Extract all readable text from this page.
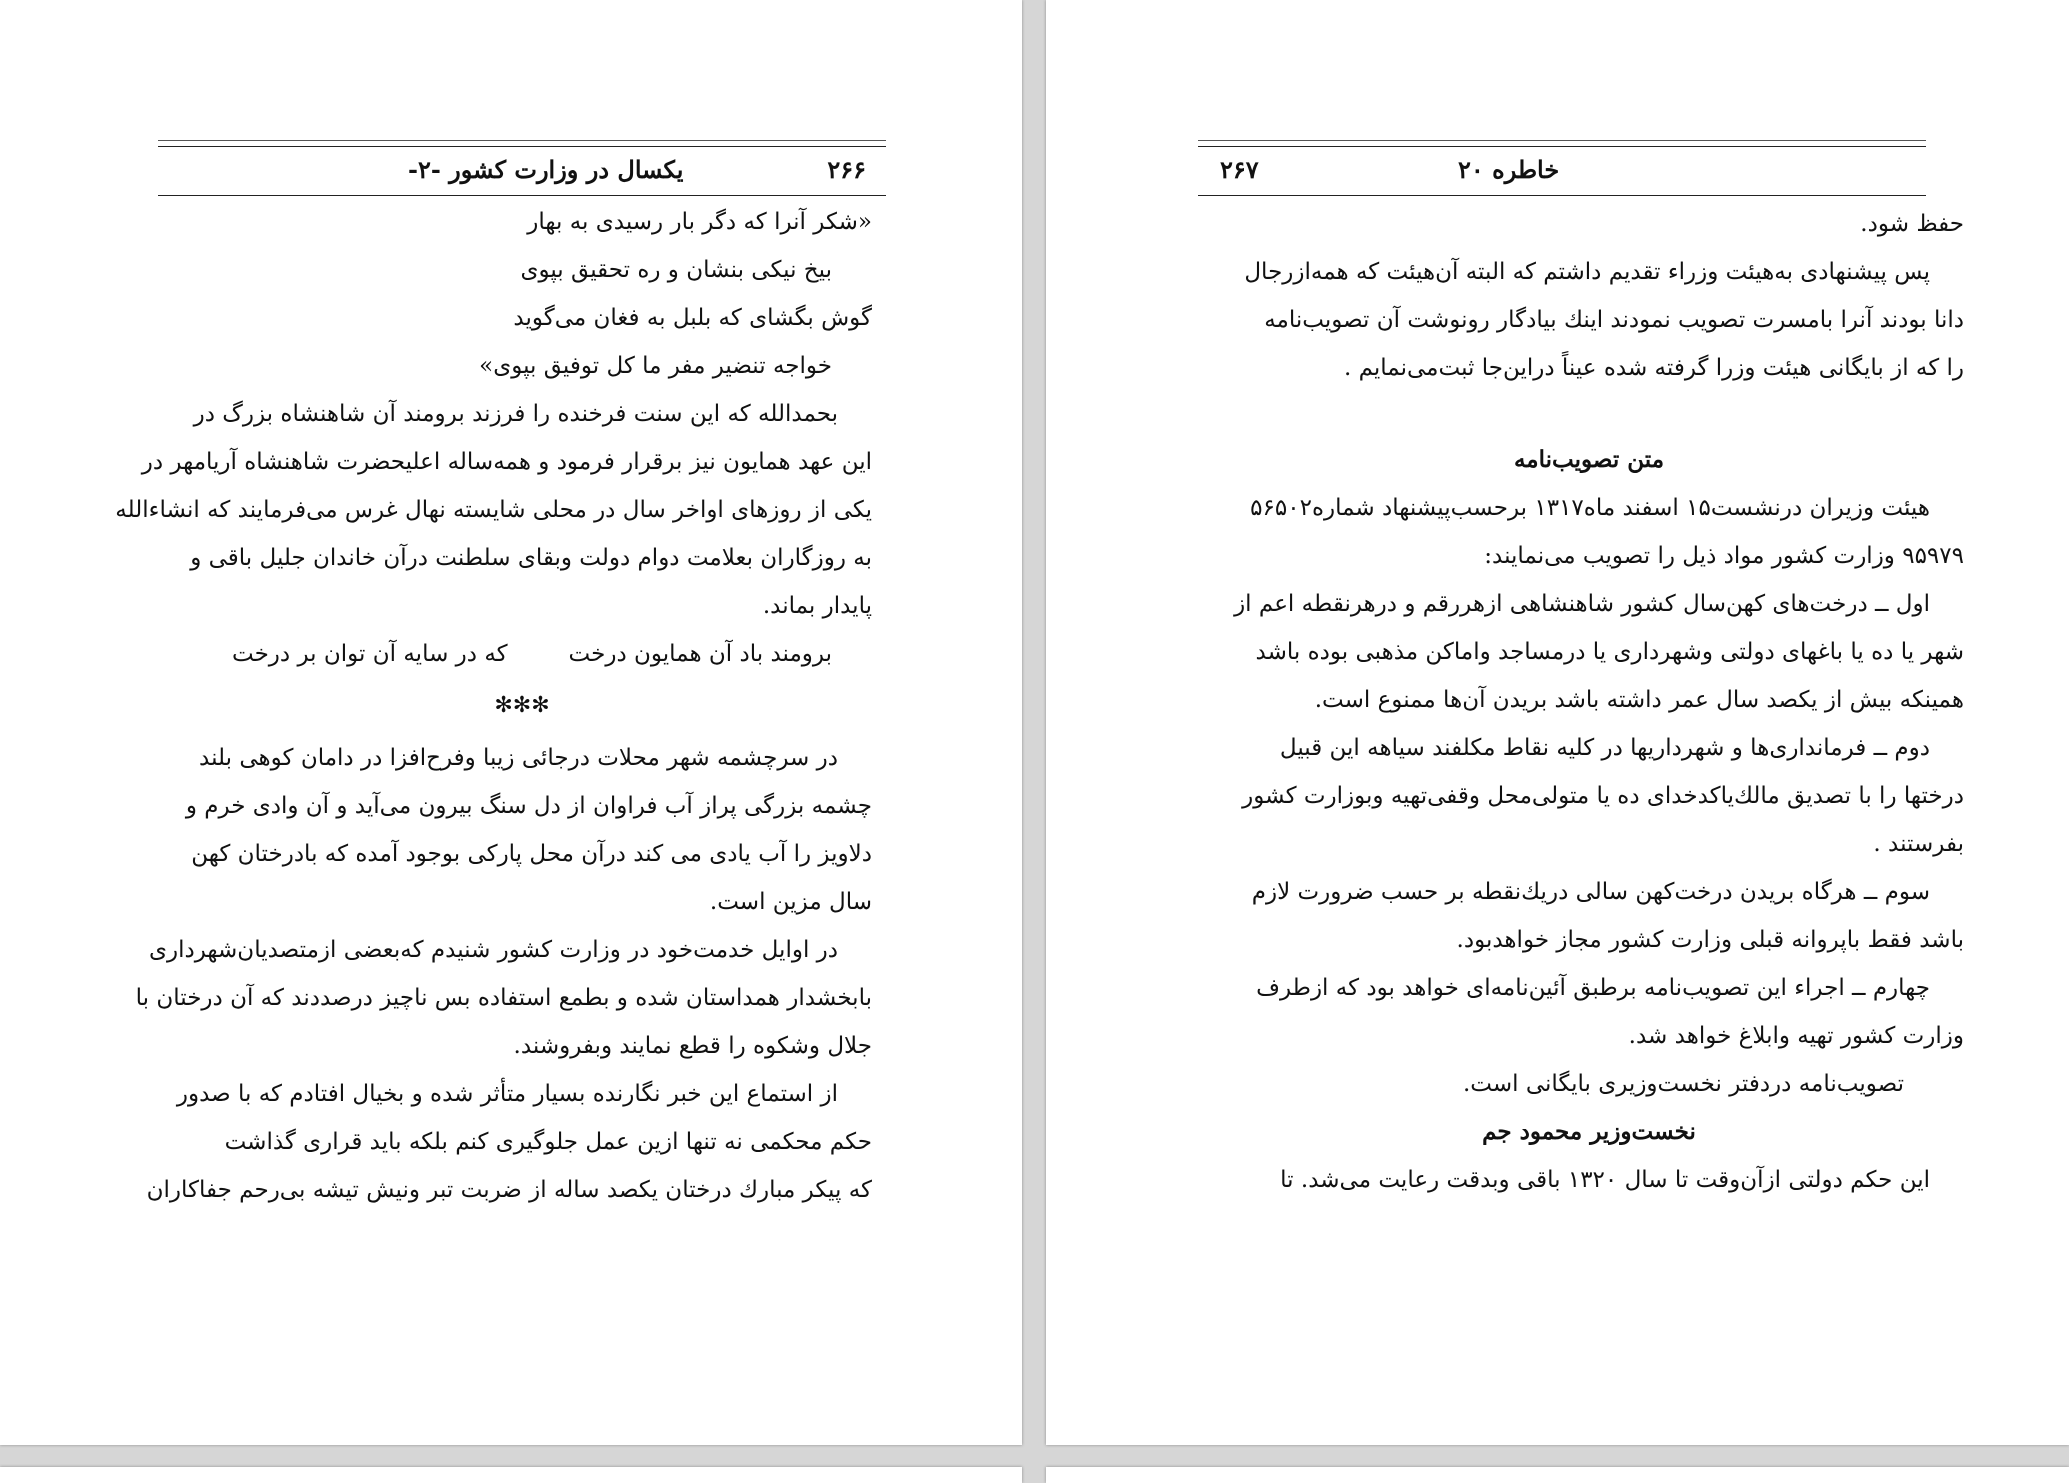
۲۶۶
یکسال در وزارت کشور -۲-
«شکر آنرا که دگر بار رسیدی به بهار
بیخ نیکی بنشان و ره تحقیق بپوی
گوش بگشای که بلبل به فغان می‌گوید
خواجه تنضیر مفر ما کل توفیق بپوی»
بحمدالله که این سنت فرخنده را فرزند برومند آن شاهنشاه بزرگ در
این عهد همایون نیز برقرار فرمود و همه‌ساله اعلیحضرت شاهنشاه آریامهر در
یکی از روزهای اواخر سال در محلی شایسته نهال غرس می‌فرمایند که انشاءالله
به روزگاران بعلامت دوام دولت وبقای سلطنت درآن خاندان جلیل باقی و
پایدار بماند.
برومند باد آن همایون درخت
که در سایه آن توان بر درخت
✻✻✻
در سرچشمه شهر محلات درجائی زیبا وفرح‌افزا در دامان کوهی بلند
چشمه بزرگی پراز آب فراوان از دل سنگ بیرون می‌آید و آن وادی خرم و
دلاویز را آب یادی می کند درآن محل پارکی بوجود آمده که بادرختان کهن
سال مزین است.
در اوایل خدمت‌خود در وزارت کشور شنیدم که‌بعضی ازمتصدیان‌شهرداری
بابخشدار همداستان شده و بطمع استفاده بس ناچیز درصددند که آن درختان با
جلال وشکوه را قطع نمایند وبفروشند.
از استماع این خبر نگارنده بسیار متأثر شده و بخیال افتادم که با صدور
حکم محکمی نه تنها ازین عمل جلوگیری کنم بلکه باید قراری گذاشت
که پیکر مبارك درختان یکصد ساله از ضربت تبر ونیش تیشه بی‌رحم جفاکاران
۲۶۷	خاطره ۲۰
حفظ شود.
پس پیشنهادی به‌هیئت وزراء تقدیم داشتم که البته آن‌هیئت که همه‌ازرجال
دانا بودند آنرا بامسرت تصویب نمودند اینك بیادگار رونوشت آن تصویب‌نامه
را که از بایگانی هیئت وزرا گرفته شده عیناً دراین‌جا ثبت‌می‌نمایم .
متن تصویب‌نامه
هیئت وزیران درنشست۱۵ اسفند ماه۱۳۱۷ برحسب‌پیشنهاد شماره۵۶۵۰۲
۹۵۹۷۹ وزارت کشور مواد ذیل را تصویب می‌نمایند:
اول ــ درخت‌های کهن‌سال کشور شاهنشاهی ازهررقم و درهرنقطه اعم از
شهر یا ده یا باغهای دولتی وشهرداری یا درمساجد واماکن مذهبی بوده باشد
همینکه بیش از یکصد سال عمر داشته باشد بریدن آن‌ها ممنوع است.
دوم ــ فرمانداری‌ها و شهرداریها در کلیه نقاط مکلفند سیاهه این قبیل
درختها را با تصدیق مالك‌یاکدخدای ده یا متولی‌محل وقفی‌تهیه وبوزارت کشور
بفرستند .
سوم ــ هرگاه بریدن درخت‌کهن سالی دریك‌نقطه بر حسب ضرورت لازم
باشد فقط باپروانه قبلی وزارت کشور مجاز خواهدبود.
چهارم ــ اجراء این تصویب‌نامه برطبق آئین‌نامه‌ای خواهد بود که ازطرف
وزارت کشور تهیه وابلاغ خواهد شد.
تصویب‌نامه دردفتر نخست‌وزیری بایگانی است.
نخست‌وزیر محمود جم
این حکم دولتی ازآن‌وقت تا سال ۱۳۲۰ باقی وبدقت رعایت می‌شد. تا
